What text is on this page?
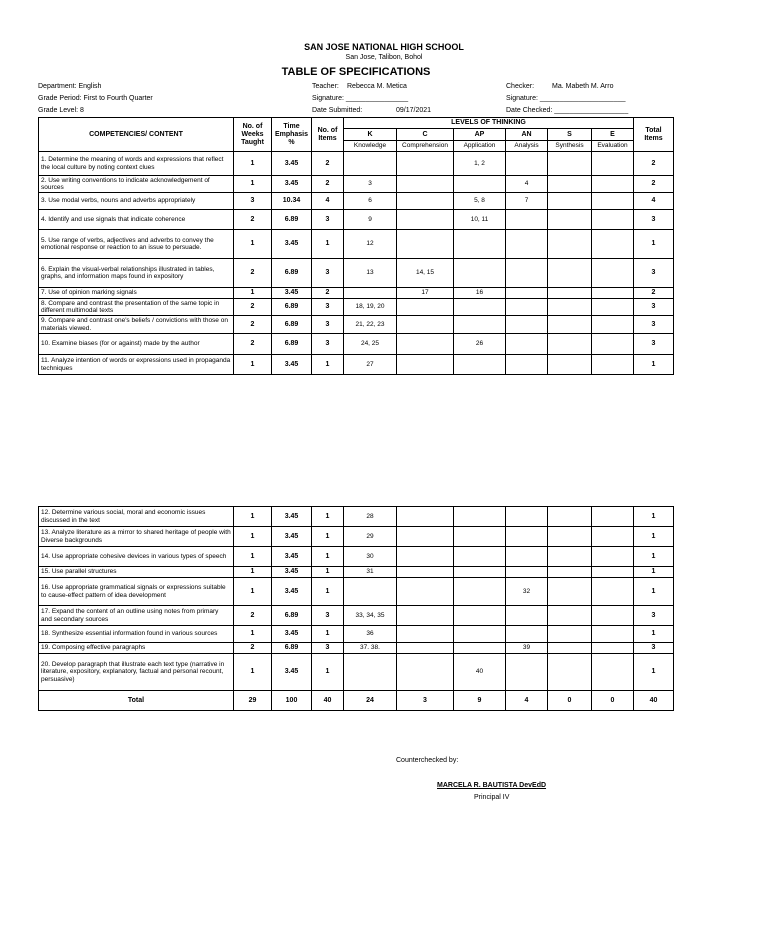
SAN JOSE NATIONAL HIGH SCHOOL
San Jose, Talibon, Bohol
TABLE OF SPECIFICATIONS
Department: English
Grade Period: First to Fourth Quarter
Grade Level: 8
Teacher: Rebecca M. Metica
Signature: ________________
Date Submitted:	09/17/2021
Checker:	Ma. Mabeth M. Arro
Signature: ______________________
Date Checked: ___________________
COMPETENCIES/ CONTENT	No. of Weeks Taught	Time Emphasis %	No. of Items	LEVELS OF THINKING						Total Items
				K	C	AP	AN	S	E	
				Knowledge	Comprehension	Application	Analysis	Synthesis	Evaluation	
1. Determine the meaning of words and expressions that reflect the local culture by noting context clues	1	3.45	2			1, 2				2
2. Use writing conventions to indicate acknowledgement of sources	1	3.45	2	3			4			2
3. Use modal verbs, nouns and adverbs appropriately	3	10.34	4	6		5, 8	7			4
4. Identify and use signals that indicate coherence	2	6.89	3	9		10, 11				3
5. Use range of verbs, adjectives and adverbs to convey the emotional response or reaction to an issue to persuade.	1	3.45	1	12						1
6. Explain the visual-verbal relationships illustrated in tables, graphs, and information maps found in expository	2	6.89	3	13	14, 15					3
7. Use of opinion marking signals	1	3.45	2		17	16				2
8. Compare and contrast the presentation of the same topic in different multimodal texts	2	6.89	3	18, 19, 20						3
9. Compare and contrast one's beliefs / convictions with those on materials viewed.	2	6.89	3	21, 22, 23						3
10. Examine biases (for or against) made by the author	2	6.89	3	24, 25		26				3
11. Analyze intention of words or expressions used in propaganda techniques	1	3.45	1	27						1
12. Determine various social, moral and economic issues discussed in the text	1	3.45	1	28						1
13. Analyze literature as a mirror to shared heritage of people with Diverse backgrounds	1	3.45	1	29						1
14. Use appropriate cohesive devices in various types of speech	1	3.45	1	30						1
15. Use parallel structures	1	3.45	1	31						1
16. Use appropriate grammatical signals or expressions suitable to cause-effect pattern of idea development	1	3.45	1				32			1
17. Expand the content of an outline using notes from primary and secondary sources	2	6.89	3	33, 34, 35						3
18. Synthesize essential information found in various sources	1	3.45	1	36						1
19. Composing effective paragraphs	2	6.89	3	37. 38.			39			3
20. Develop paragraph that illustrate each text type (narrative in literature, expository, explanatory, factual and personal recount, persuasive)	1	3.45	1			40				1
Total	29	100	40	24	3	9	4	0	0	40
Counterchecked by:
MARCELA R. BAUTISTA DevEdD
Principal IV
